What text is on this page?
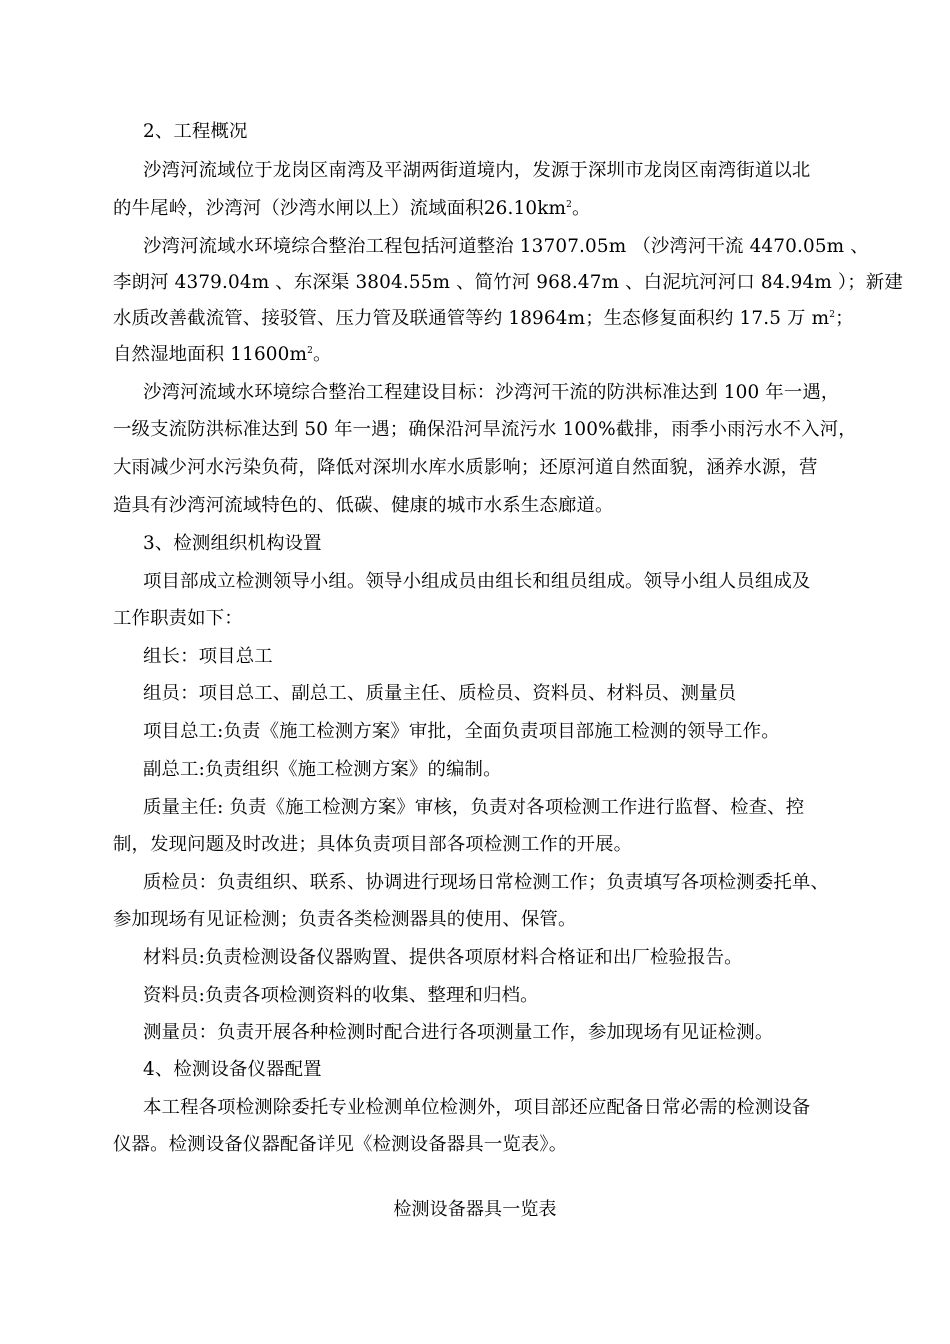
2、工程概况
沙湾河流域位于龙岗区南湾及平湖两街道境内，发源于深圳市龙岗区南湾街道以北
的牛尾岭，沙湾河（沙湾水闸以上）流域面积$26.10km^2$。
沙湾河流域水环境综合整治工程包括河道整治 13707.05m （沙湾河干流 4470.05m 、
李朗河 4379.04m 、东深渠 3804.55m 、简竹河 968.47m 、白泥坑河河口 84.94m ）；新建
水质改善截流管、接驳管、压力管及联通管等约 18964m；生态修复面积约 17.5 万 $m^2$；
自然湿地面积 $11600m^2$。
沙湾河流域水环境综合整治工程建设目标：沙湾河干流的防洪标准达到 100 年一遇，
一级支流防洪标准达到 50 年一遇；确保沿河旱流污水 100%截排，雨季小雨污水不入河，
大雨减少河水污染负荷，降低对深圳水库水质影响；还原河道自然面貌，涵养水源，营
造具有沙湾河流域特色的、低碳、健康的城市水系生态廊道。
3、检测组织机构设置
项目部成立检测领导小组。领导小组成员由组长和组员组成。领导小组人员组成及
工作职责如下：
组长：项目总工
组员：项目总工、副总工、质量主任、质检员、资料员、材料员、测量员
项目总工:负责《施工检测方案》审批，全面负责项目部施工检测的领导工作。
副总工:负责组织《施工检测方案》的编制。
质量主任: 负责《施工检测方案》审核，负责对各项检测工作进行监督、检查、控
制，发现问题及时改进；具体负责项目部各项检测工作的开展。
质检员：负责组织、联系、协调进行现场日常检测工作；负责填写各项检测委托单、
参加现场有见证检测；负责各类检测器具的使用、保管。
材料员:负责检测设备仪器购置、提供各项原材料合格证和出厂检验报告。
资料员:负责各项检测资料的收集、整理和归档。
测量员：负责开展各种检测时配合进行各项测量工作，参加现场有见证检测。
4、检测设备仪器配置
本工程各项检测除委托专业检测单位检测外，项目部还应配备日常必需的检测设备
仪器。检测设备仪器配备详见《检测设备器具一览表》。
检测设备器具一览表
